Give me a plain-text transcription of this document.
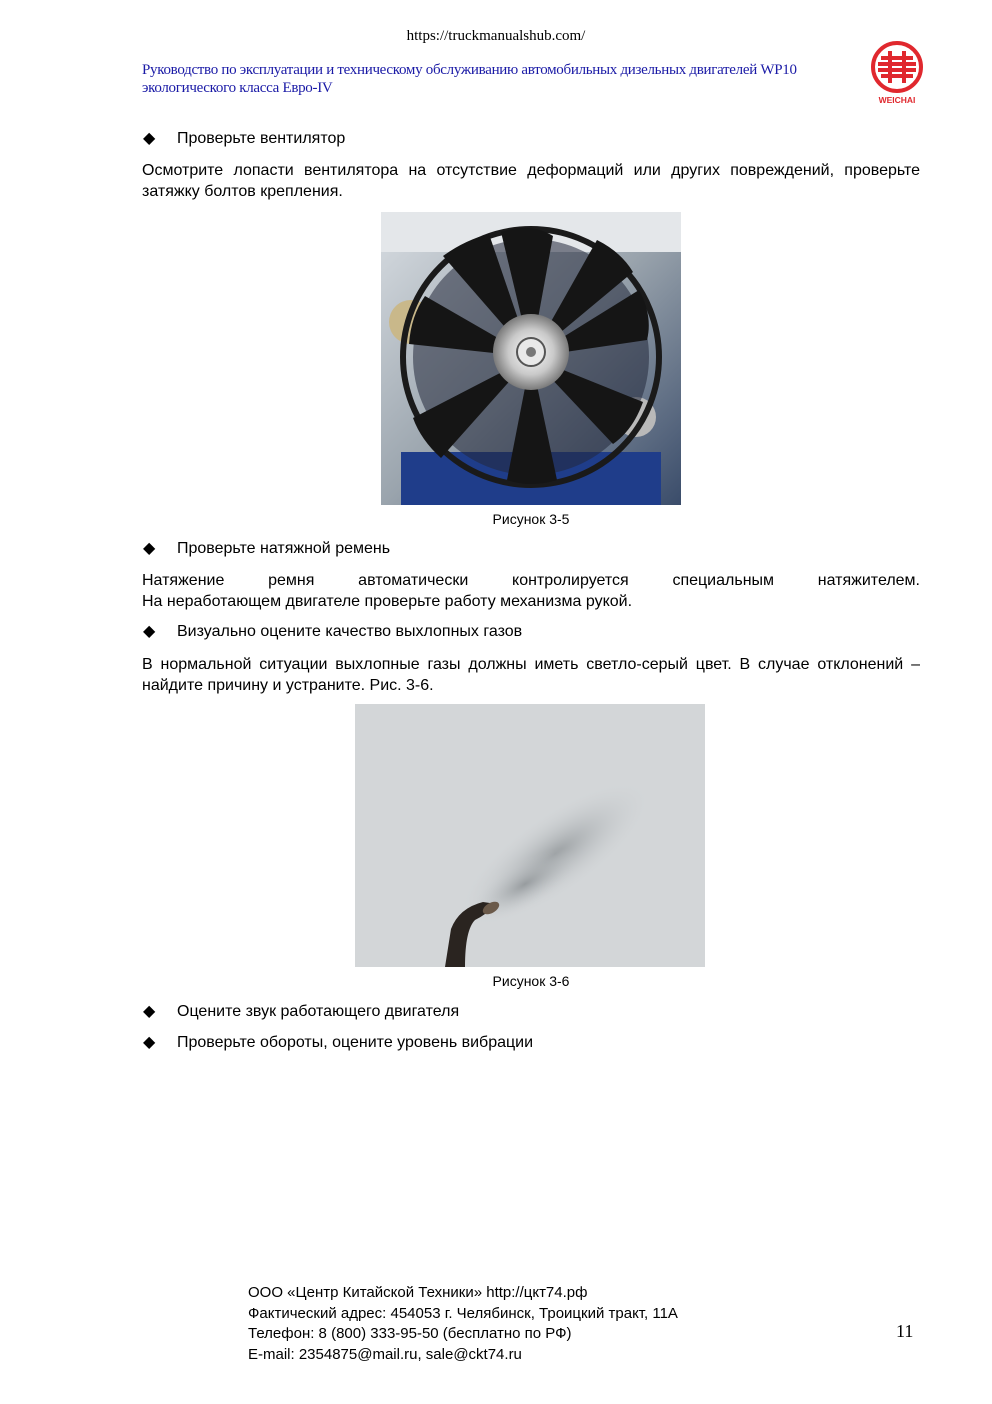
https://truckmanualshub.com/
Руководство по эксплуатации и техническому обслуживанию автомобильных дизельных двигателей WP10
экологического класса Евро-IV
WEICHAI
◆ Проверьте вентилятор
Осмотрите лопасти вентилятора на отсутствие деформаций или других повреждений, проверьте затяжку болтов крепления.
Рисунок 3-5
◆ Проверьте натяжной ремень
Натяжение ремня автоматически контролируется специальным натяжителем.
На неработающем двигателе проверьте работу механизма рукой.
◆ Визуально оцените качество выхлопных газов
В нормальной ситуации выхлопные газы должны иметь светло-серый цвет. В случае отклонений – найдите причину и устраните. Рис. 3-6.
Рисунок 3-6
◆ Оцените звук работающего двигателя
◆ Проверьте обороты, оцените уровень вибрации
ООО «Центр Китайской Техники» http://цкт74.рф
Фактический адрес: 454053 г. Челябинск, Троицкий тракт, 11А
Телефон: 8 (800) 333-95-50 (бесплатно по РФ)
E-mail: 2354875@mail.ru, sale@ckt74.ru
11
